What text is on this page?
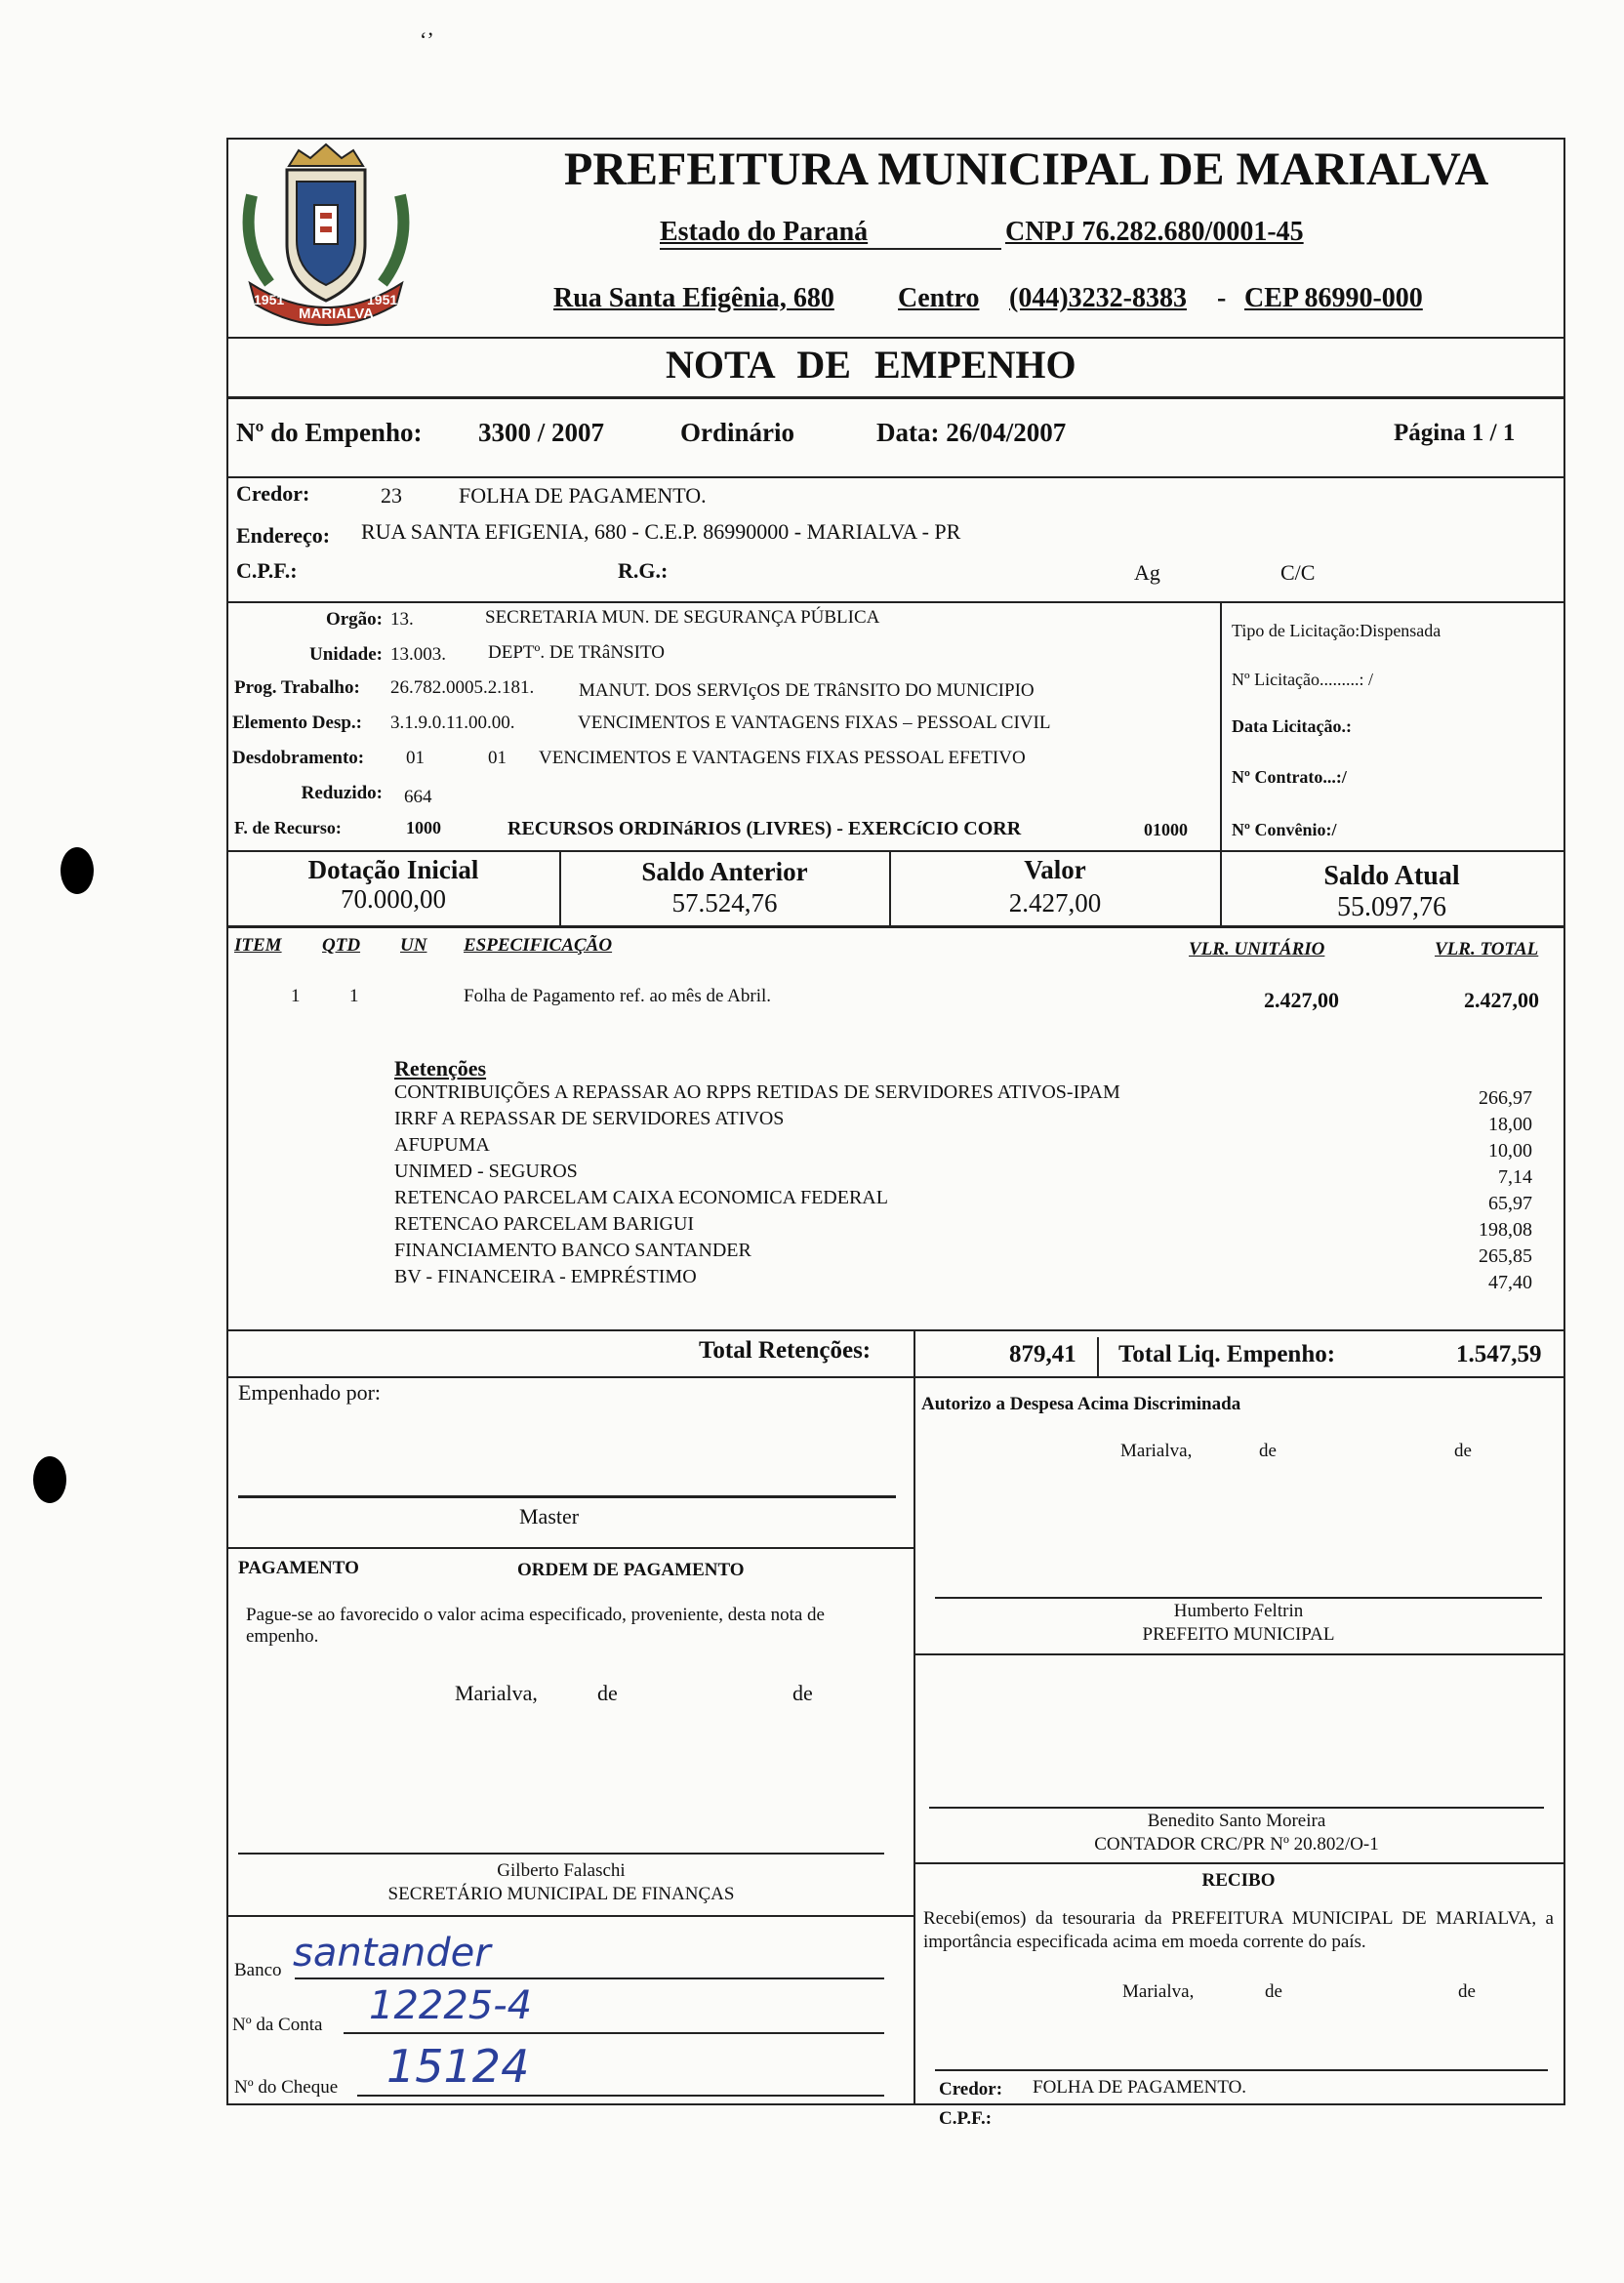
‘’
1951
MARIALVA
1951
PREFEITURA MUNICIPAL DE MARIALVA
Estado do Paraná	CNPJ 76.282.680/0001-45
Rua Santa Efigênia, 680 Centro (044)3232-8383 - CEP 86990-000
NOTA DE EMPENHO
Nº do Empenho: 3300 / 2007	Ordinário	Data: 26/04/2007	Página 1 / 1
Credor:	23	FOLHA DE PAGAMENTO.
Endereço: RUA SANTA EFIGENIA, 680 - C.E.P. 86990000 - MARIALVA - PR
C.P.F.:	R.G.:	Ag	C/C
Orgão: 13.	SECRETARIA MUN. DE SEGURANÇA PÚBLICA
Unidade: 13.003. DEPTº. DE TRâNSITO
Prog. Trabalho: 26.782.0005.2.181. MANUT. DOS SERVIçOS DE TRâNSITO DO MUNICIPIO
Elemento Desp.: 3.1.9.0.11.00.00.	VENCIMENTOS E VANTAGENS FIXAS – PESSOAL CIVIL
Desdobramento: 01	01 VENCIMENTOS E VANTAGENS FIXAS PESSOAL EFETIVO
Reduzido: 664
F. de Recurso:	1000	RECURSOS ORDINáRIOS (LIVRES) - EXERCíCIO CORR	01000
Tipo de Licitação:Dispensada
Nº Licitação.........: /
Data Licitação.:
Nº Contrato...:/
Nº Convênio:/
Dotação Inicial
70.000,00
Saldo Anterior
57.524,76
Valor
2.427,00
Saldo Atual
55.097,76
ITEM QTD UN ESPECIFICAÇÃO	VLR. UNITÁRIO	VLR. TOTAL
1	1	Folha de Pagamento ref. ao mês de Abril.	2.427,00	2.427,00
Retenções
CONTRIBUIÇÕES A REPASSAR AO RPPS RETIDAS DE SERVIDORES ATIVOS-IPAM	266,97
IRRF A REPASSAR DE SERVIDORES ATIVOS	18,00
AFUPUMA	10,00
UNIMED - SEGUROS	7,14
RETENCAO PARCELAM CAIXA ECONOMICA FEDERAL	65,97
RETENCAO PARCELAM BARIGUI	198,08
FINANCIAMENTO BANCO SANTANDER	265,85
BV - FINANCEIRA - EMPRÉSTIMO	47,40
Total Retenções:	879,41 Total Liq. Empenho:	1.547,59
Empenhado por:	Autorizo a Despesa Acima Discriminada
Marialva,	de	de
Master
PAGAMENTO	ORDEM DE PAGAMENTO
Pague-se ao favorecido o valor acima especificado, proveniente, desta nota de empenho.
Marialva,	de	de
Humberto Feltrin
PREFEITO MUNICIPAL
Benedito Santo Moreira
CONTADOR CRC/PR Nº 20.802/O-1
Gilberto Falaschi
SECRETÁRIO MUNICIPAL DE FINANÇAS
RECIBO
Recebi(emos) da tesouraria da PREFEITURA MUNICIPAL DE MARIALVA, a importância especificada acima em moeda corrente do país.
Marialva,	de	de
Credor: FOLHA DE PAGAMENTO.
C.P.F.:
Banco santander
Nº da Conta 12225-4
Nº do Cheque 15124
